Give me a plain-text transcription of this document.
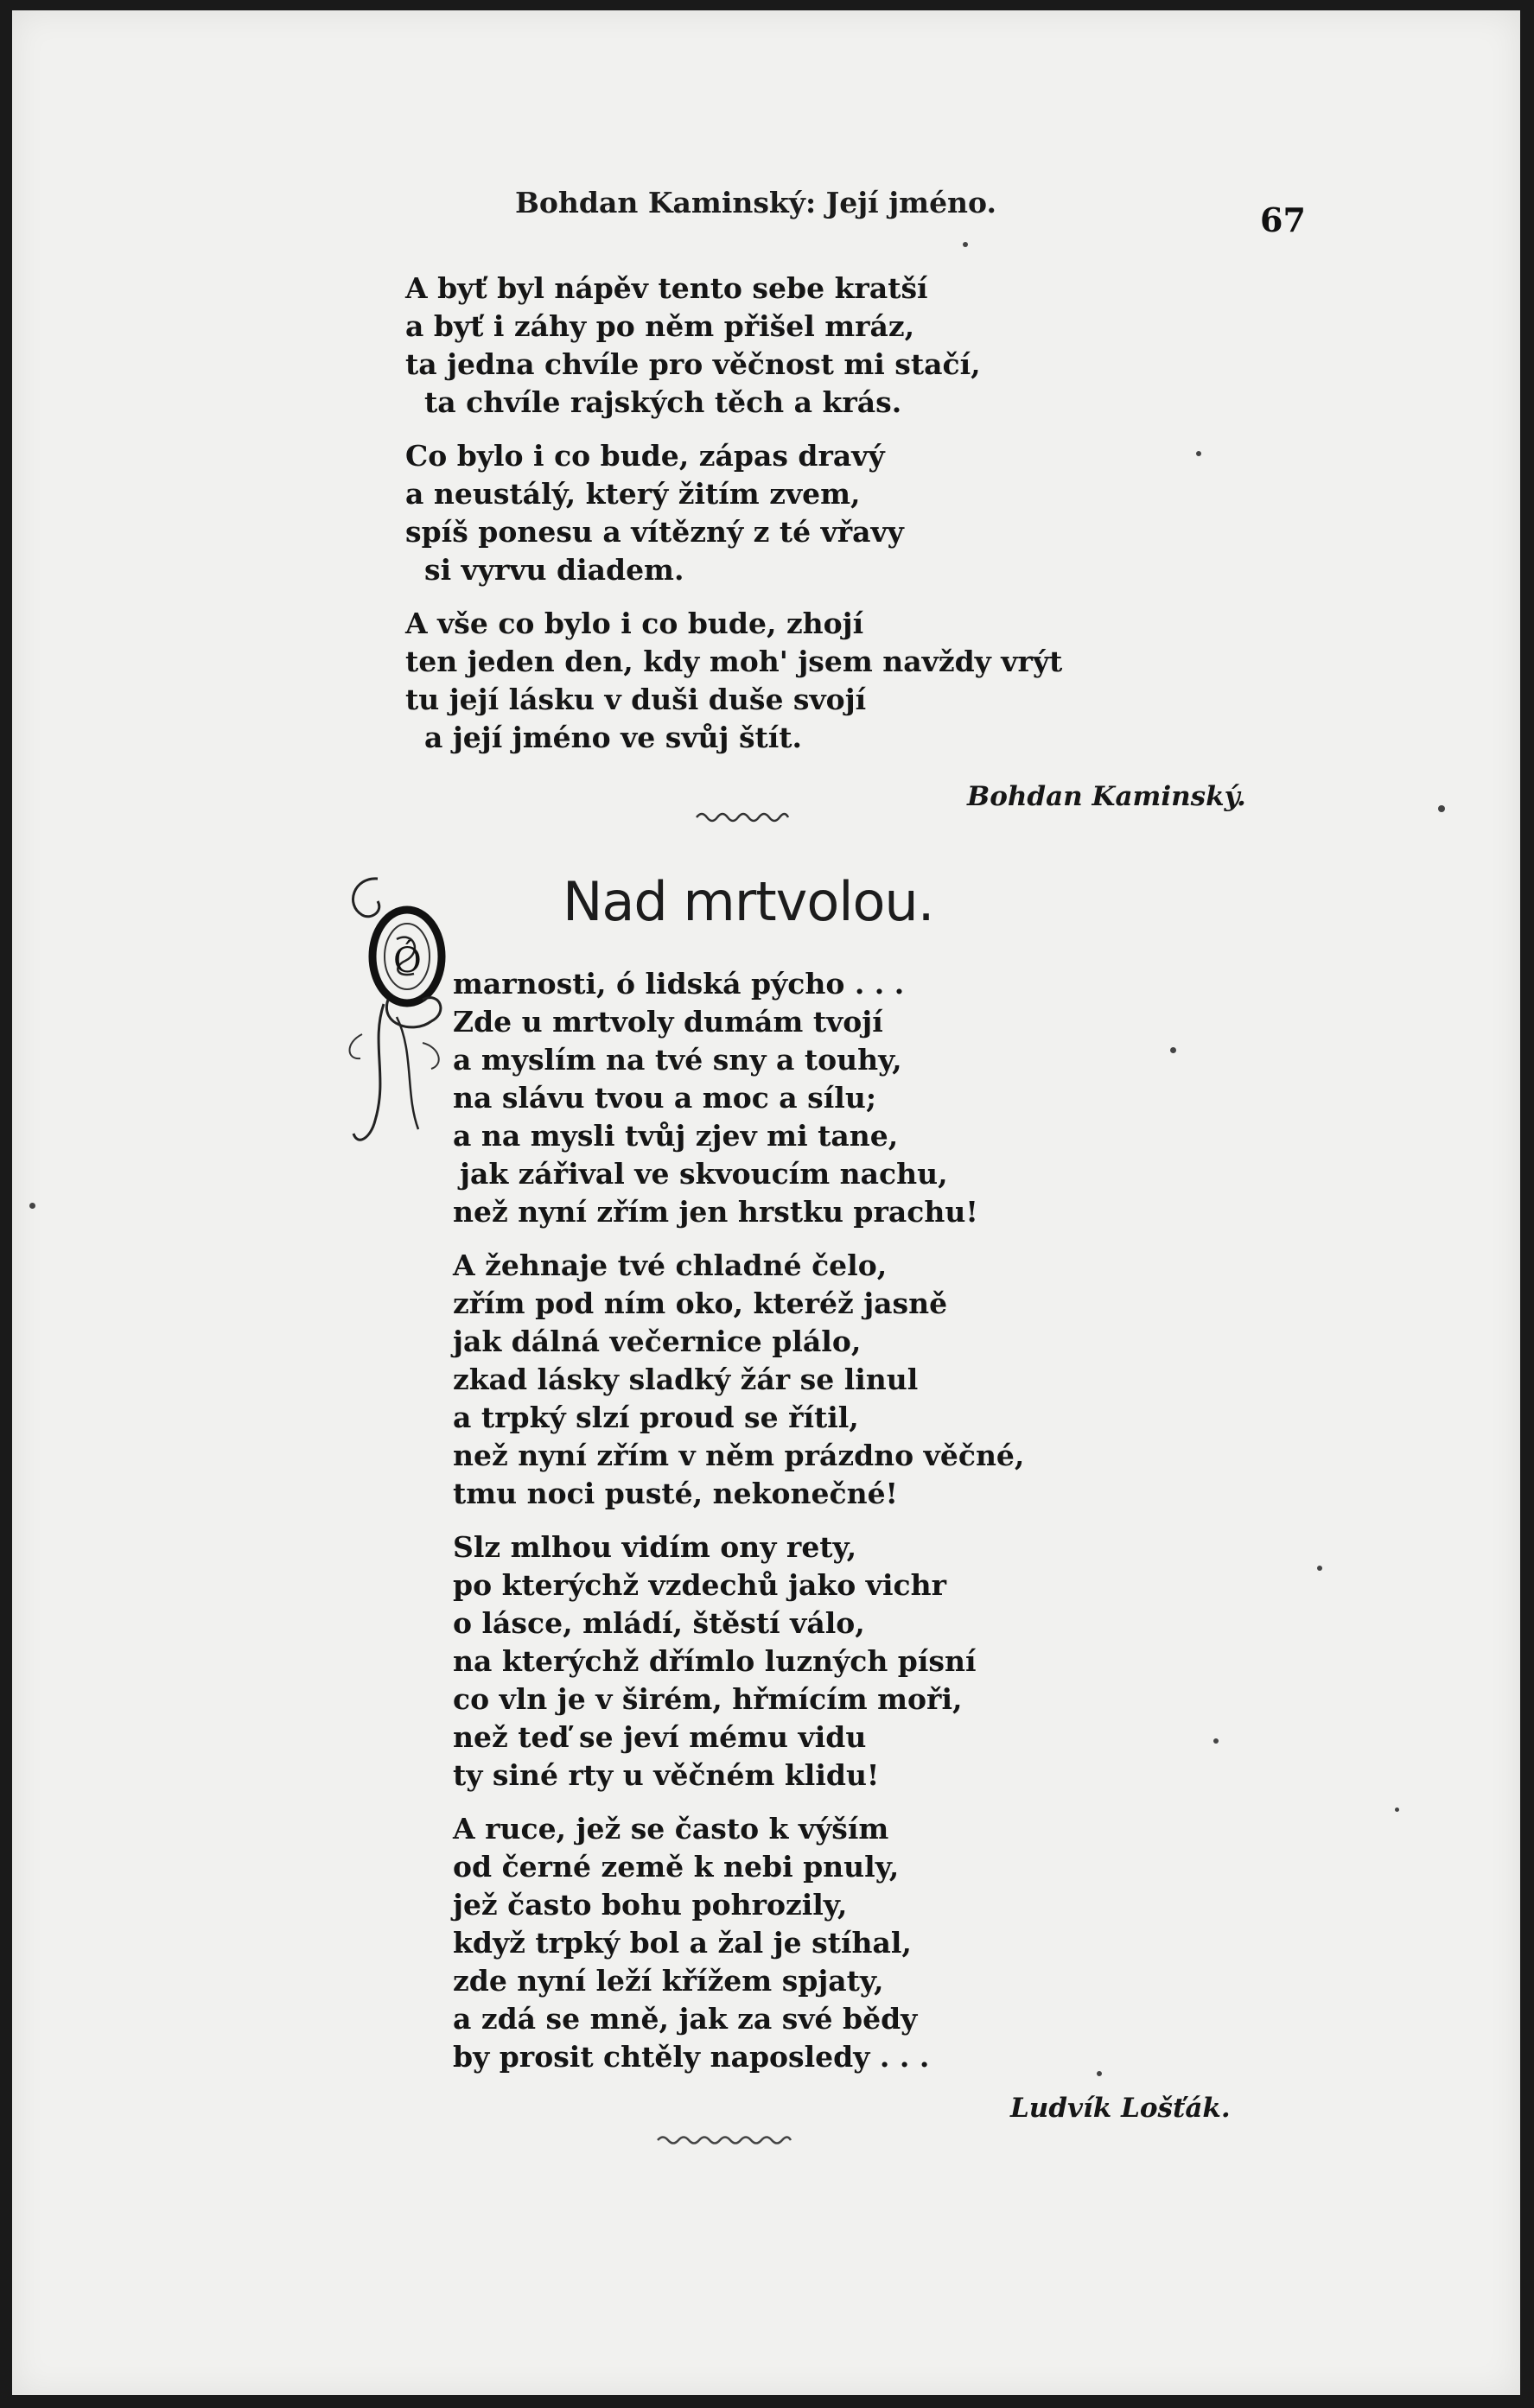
Bohdan Kaminský: Její jméno.	67
A byť byl nápěv tento sebe kratší
a byť i záhy po něm přišel mráz,
ta jedna chvíle pro věčnost mi stačí,
ta chvíle rajských těch a krás.
Co bylo i co bude, zápas dravý
a neustálý, který žitím zvem,
spíš ponesu a vítězný z té vřavy
si vyrvu diadem.
A vše co bylo i co bude, zhojí
ten jeden den, kdy moh' jsem navždy vrýt
tu její lásku v duši duše svojí
a její jméno ve svůj štít.
Bohdan Kaminský.
Nad mrtvolou.
Ó
marnosti, ó lidská pýcho . . .
Zde u mrtvoly dumám tvojí
a myslím na tvé sny a touhy,
na slávu tvou a moc a sílu;
a na mysli tvůj zjev mi tane,
jak zářival ve skvoucím nachu,
než nyní zřím jen hrstku prachu!
A žehnaje tvé chladné čelo,
zřím pod ním oko, kteréž jasně
jak dálná večernice plálo,
zkad lásky sladký žár se linul
a trpký slzí proud se řítil,
než nyní zřím v něm prázdno věčné,
tmu noci pusté, nekonečné!
Slz mlhou vidím ony rety,
po kterýchž vzdechů jako vichr
o lásce, mládí, štěstí válo,
na kterýchž dřímlo luzných písní
co vln je v širém, hřmícím moři,
než teď se jeví mému vidu
ty siné rty u věčném klidu!
A ruce, jež se často k výším
od černé země k nebi pnuly,
jež často bohu pohrozily,
když trpký bol a žal je stíhal,
zde nyní leží křížem spjaty,
a zdá se mně, jak za své bědy
by prosit chtěly naposledy . . .
Ludvík Lošťák.
